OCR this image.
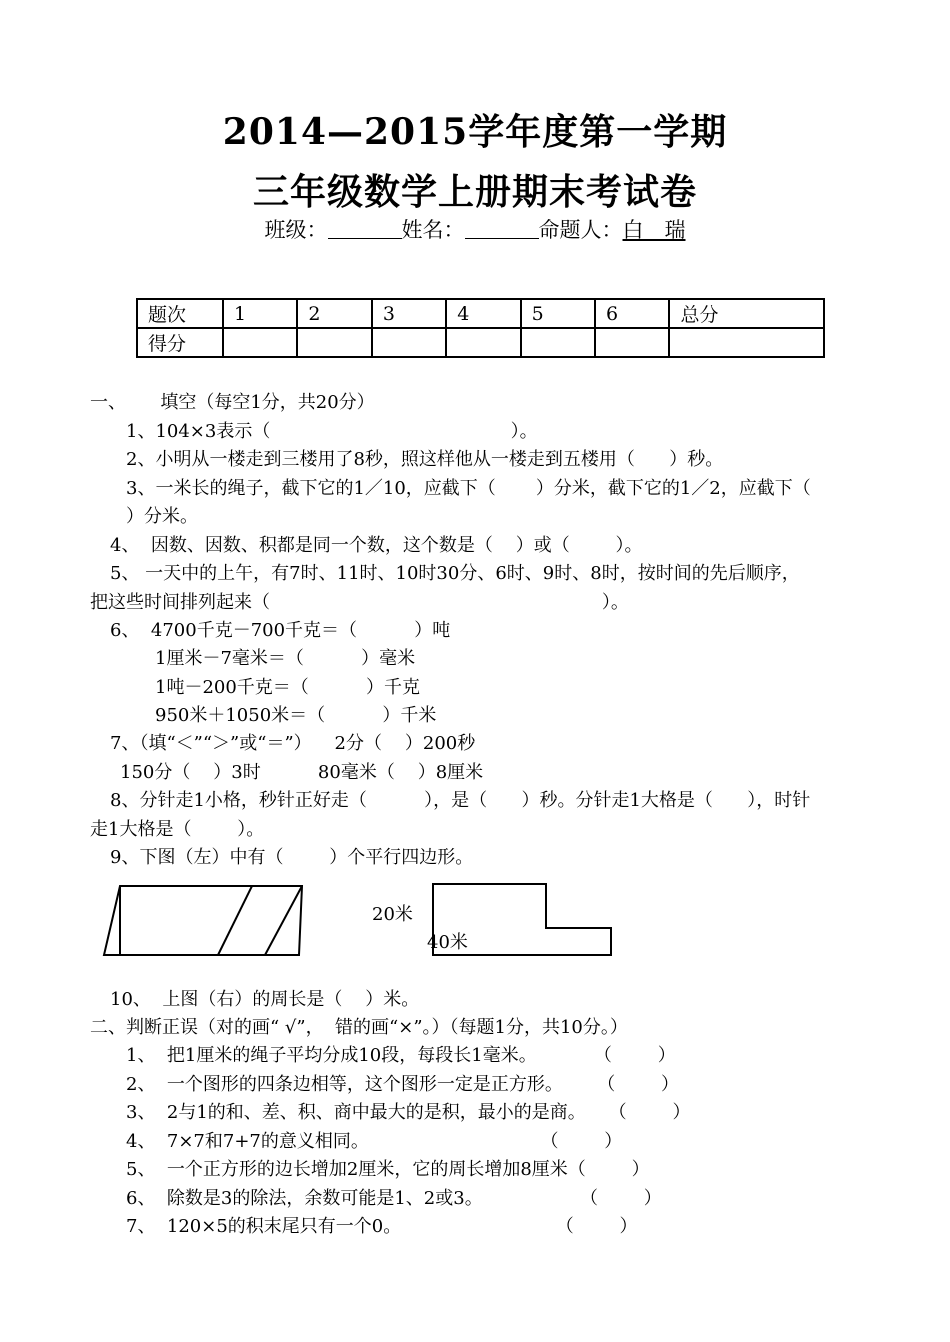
2014—2015学年度第一学期
三年级数学上册期末考试卷
班级：	姓名：	命题人：白　瑞
题次	1	2	3	4	5	6	总分
得分							
一、      填空（每空1分，共20分）
1、104×3表示（                                          ）。
2、小明从一楼走到三楼用了8秒，照这样他从一楼走到五楼用（      ）秒。
3、一米长的绳子，截下它的1／10，应截下（       ）分米，截下它的1／2，应截下（
）分米。
4、  因数、因数、积都是同一个数，这个数是（    ）或（        ）。
5、 一天中的上午，有7时、11时、10时30分、6时、9时、8时，按时间的先后顺序，
把这些时间排列起来（                                                          ）。
6、  4700千克－700千克＝（          ）吨
1厘米－7毫米＝（          ）毫米
1吨－200千克＝（          ）千克
950米＋1050米＝（          ）千米
7、（填“＜”“＞”或“＝”）    2分（    ）200秒
150分（    ）3时          80毫米（    ）8厘米
8、分针走1小格，秒针正好走（          ），是（      ）秒。分针走1大格是（      ），时针
走1大格是（        ）。
9、下图（左）中有（        ）个平行四边形。
20米
40米
10、  上图（右）的周长是（    ）米。
二、判断正误（对的画“ √”，  错的画“×”。）（每题1分，共10分。）
1、  把1厘米的绳子平均分成10段，每段长1毫米。          （        ）
2、  一个图形的四条边相等，这个图形一定是正方形。      （        ）
3、  2与1的和、差、积、商中最大的是积，最小的是商。    （        ）
4、  7×7和7+7的意义相同。                              （        ）
5、  一个正方形的边长增加2厘米，它的周长增加8厘米（        ）
6、  除数是3的除法，余数可能是1、2或3。                 （        ）
7、  120×5的积末尾只有一个0。                           （        ）
